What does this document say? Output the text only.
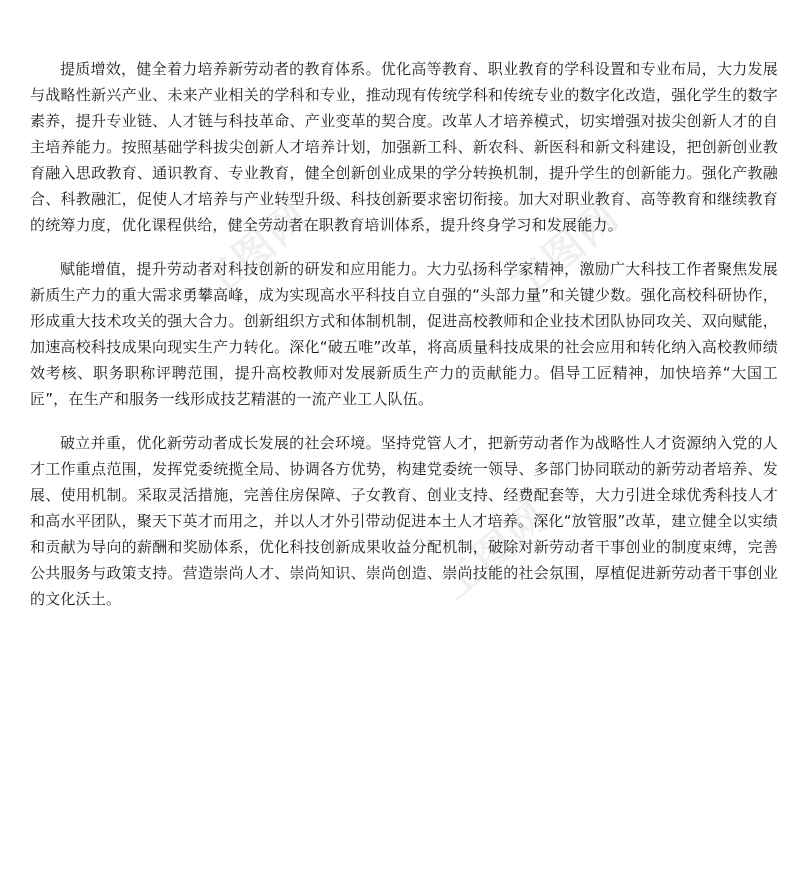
工图网	工图网
工图网

提质增效，健全着力培养新劳动者的教育体系。优化高等教育、职业教育的学科设置和专业布局，大力发展与战略性新兴产业、未来产业相关的学科和专业，推动现有传统学科和传统专业的数字化改造，强化学生的数字素养，提升专业链、人才链与科技革命、产业变革的契合度。改革人才培养模式，切实增强对拔尖创新人才的自主培养能力。按照基础学科拔尖创新人才培养计划，加强新工科、新农科、新医科和新文科建设，把创新创业教育融入思政教育、通识教育、专业教育，健全创新创业成果的学分转换机制，提升学生的创新能力。强化产教融合、科教融汇，促使人才培养与产业转型升级、科技创新要求密切衔接。加大对职业教育、高等教育和继续教育的统筹力度，优化课程供给，健全劳动者在职教育培训体系，提升终身学习和发展能力。

赋能增值，提升劳动者对科技创新的研发和应用能力。大力弘扬科学家精神，激励广大科技工作者聚焦发展新质生产力的重大需求勇攀高峰，成为实现高水平科技自立自强的“头部力量”和关键少数。强化高校科研协作，形成重大技术攻关的强大合力。创新组织方式和体制机制，促进高校教师和企业技术团队协同攻关、双向赋能，加速高校科技成果向现实生产力转化。深化“破五唯”改革，将高质量科技成果的社会应用和转化纳入高校教师绩效考核、职务职称评聘范围，提升高校教师对发展新质生产力的贡献能力。倡导工匠精神，加快培养“大国工匠”，在生产和服务一线形成技艺精湛的一流产业工人队伍。

破立并重，优化新劳动者成长发展的社会环境。坚持党管人才，把新劳动者作为战略性人才资源纳入党的人才工作重点范围，发挥党委统揽全局、协调各方优势，构建党委统一领导、多部门协同联动的新劳动者培养、发展、使用机制。采取灵活措施，完善住房保障、子女教育、创业支持、经费配套等，大力引进全球优秀科技人才和高水平团队，聚天下英才而用之，并以人才外引带动促进本土人才培养。深化“放管服”改革，建立健全以实绩和贡献为导向的薪酬和奖励体系，优化科技创新成果收益分配机制，破除对新劳动者干事创业的制度束缚，完善公共服务与政策支持。营造崇尚人才、崇尚知识、崇尚创造、崇尚技能的社会氛围，厚植促进新劳动者干事创业的文化沃土。
